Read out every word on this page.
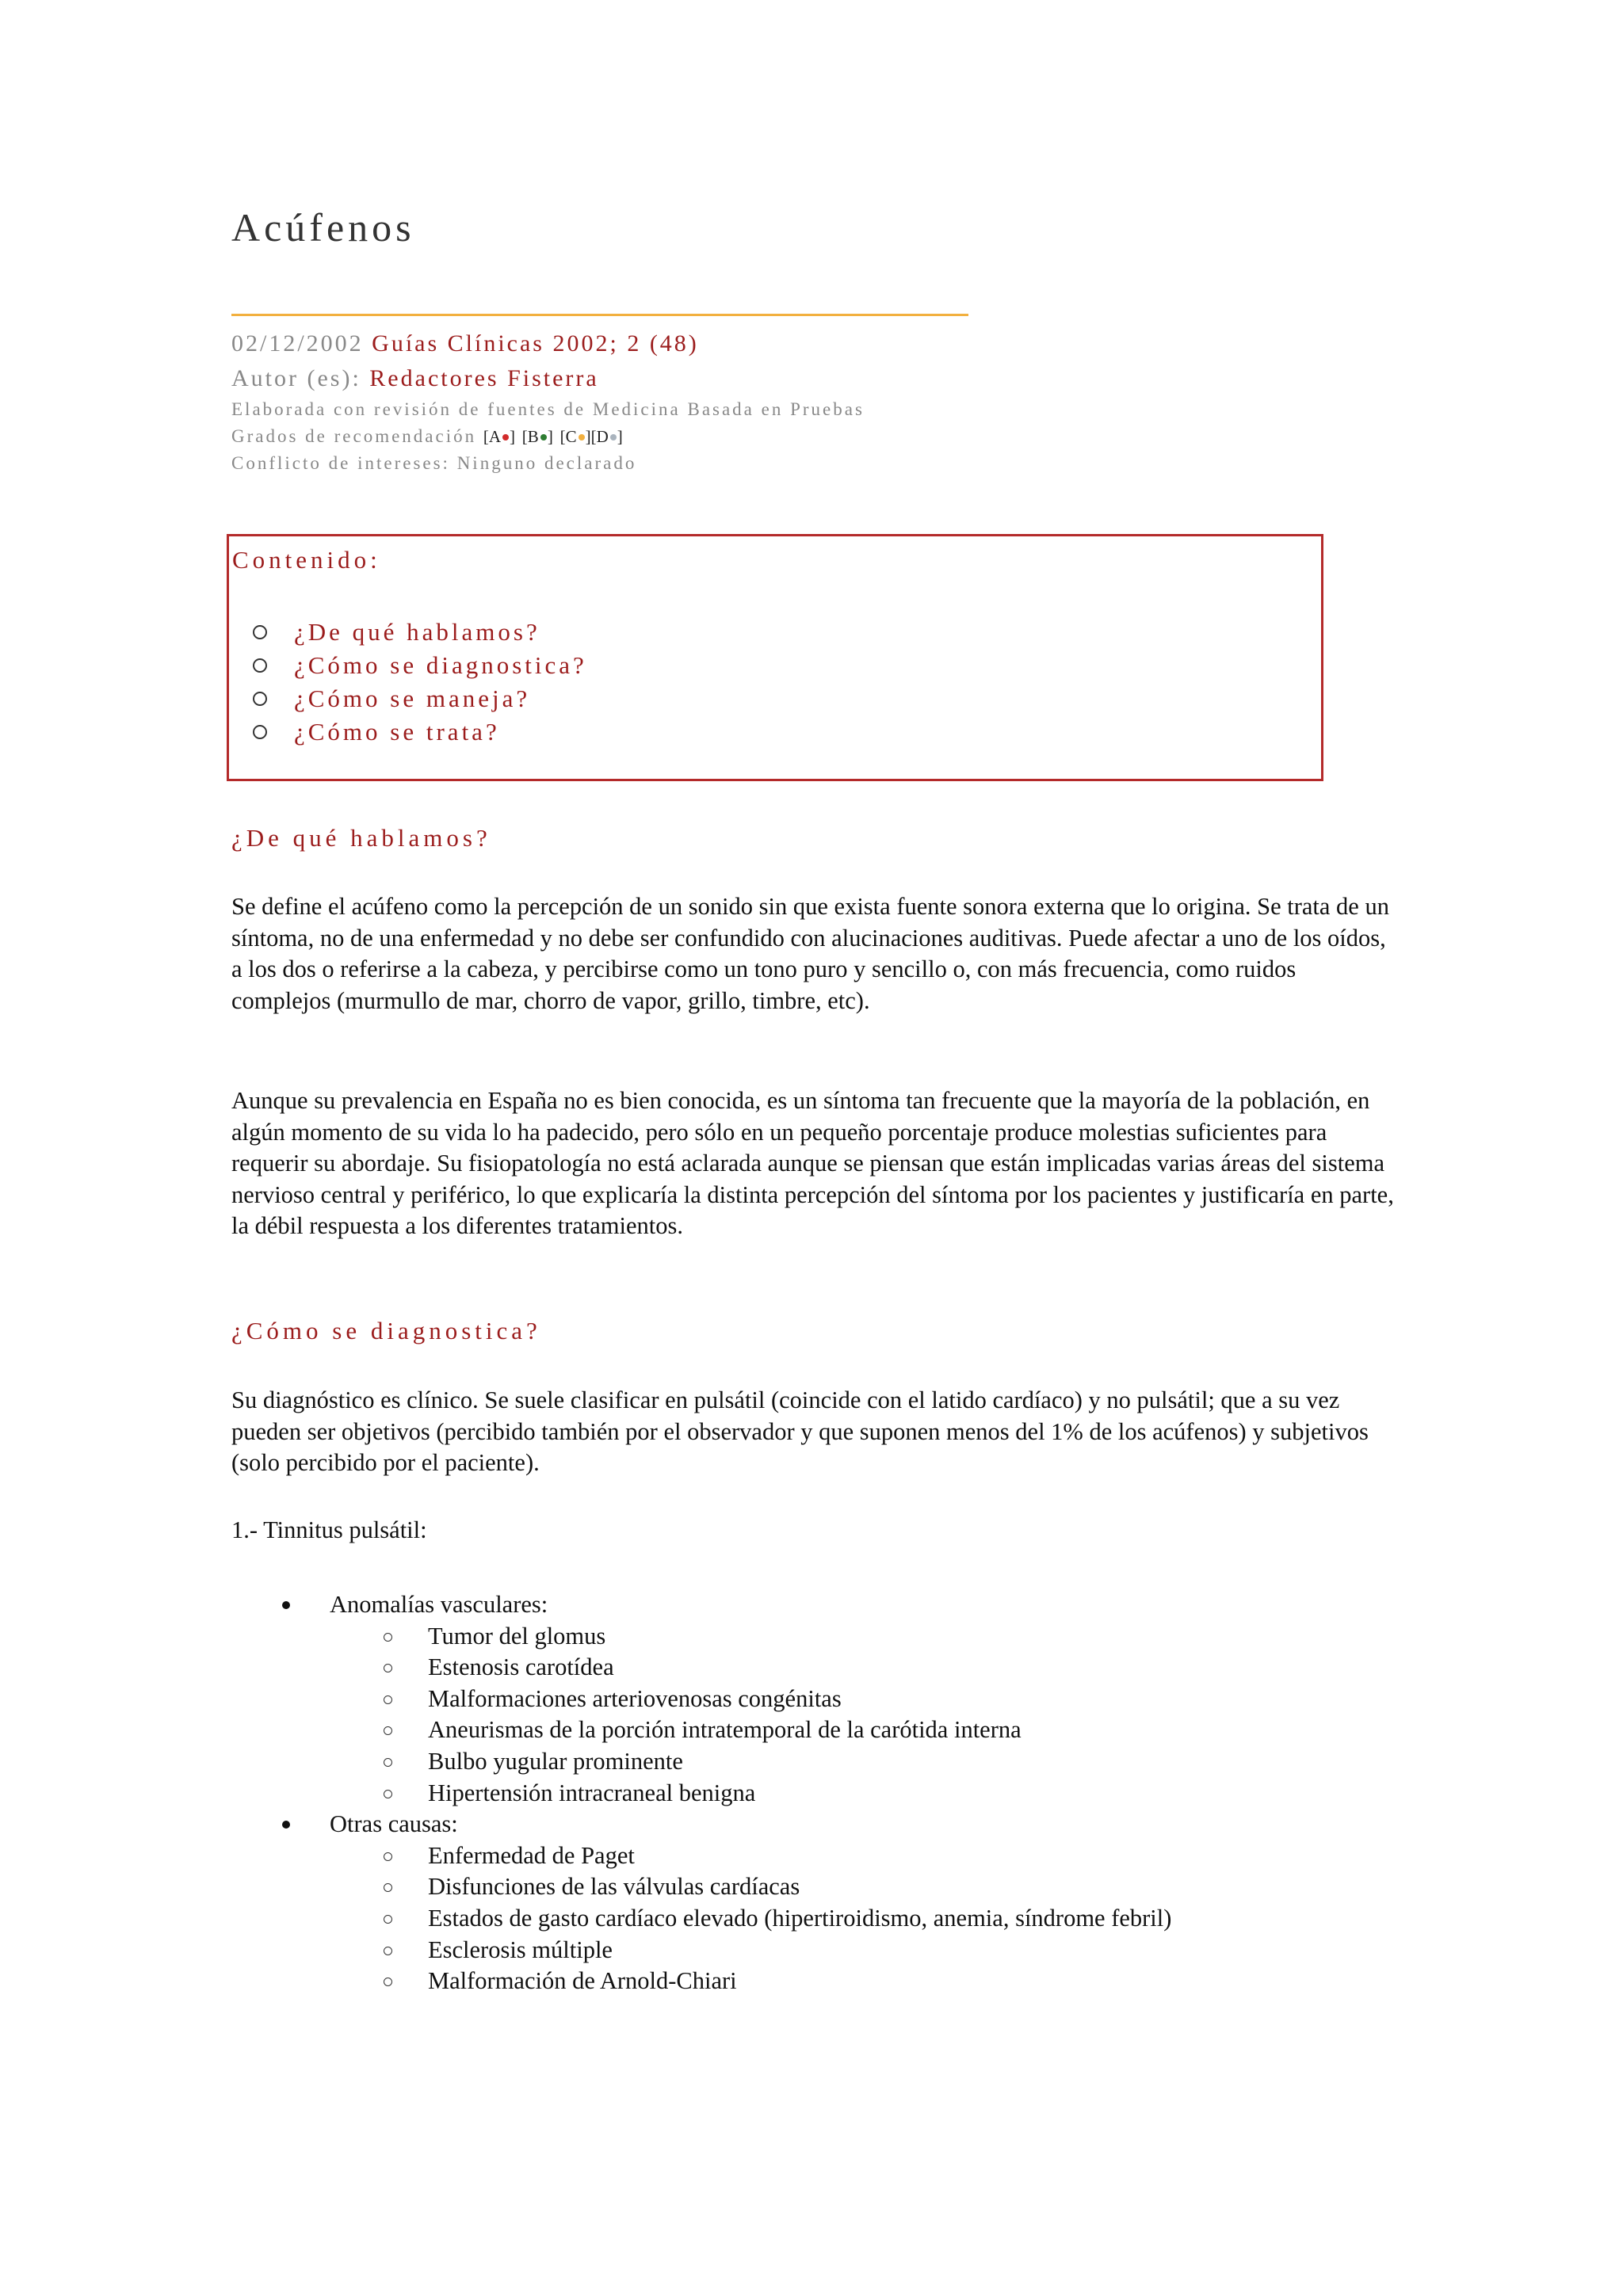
Acúfenos
02/12/2002 Guías Clínicas 2002; 2 (48)
Autor (es): Redactores Fisterra
Elaborada con revisión de fuentes de Medicina Basada en Pruebas
Grados de recomendación [A ] [B ] [C ][D ]
Conflicto de intereses: Ninguno declarado
Contenido:
¿De qué hablamos?
¿Cómo se diagnostica?
¿Cómo se maneja?
¿Cómo se trata?
¿De qué hablamos?

Se define el acúfeno como la percepción de un sonido sin que exista fuente sonora externa que lo origina. Se trata de un síntoma, no de una enfermedad y no debe ser confundido con alucinaciones auditivas. Puede afectar a uno de los oídos, a los dos o referirse a la cabeza, y percibirse como un tono puro y sencillo o, con más frecuencia, como ruidos complejos (murmullo de mar, chorro de vapor, grillo, timbre, etc).

Aunque su prevalencia en España no es bien conocida, es un síntoma tan frecuente que la mayoría de la población, en algún momento de su vida lo ha padecido, pero sólo en un pequeño porcentaje produce molestias suficientes para requerir su abordaje. Su fisiopatología no está aclarada aunque se piensan que están implicadas varias áreas del sistema nervioso central y periférico, lo que explicaría la distinta percepción del síntoma por los pacientes y justificaría en parte, la débil respuesta a los diferentes tratamientos.

¿Cómo se diagnostica?

Su diagnóstico es clínico. Se suele clasificar en pulsátil (coincide con el latido cardíaco) y no pulsátil; que a su vez pueden ser objetivos (percibido también por el observador y que suponen menos del 1% de los acúfenos) y subjetivos (solo percibido por el paciente).

1.- Tinnitus pulsátil:

Anomalías vasculares:
Tumor del glomus
Estenosis carotídea
Malformaciones arteriovenosas congénitas
Aneurismas de la porción intratemporal de la carótida interna
Bulbo yugular prominente
Hipertensión intracraneal benigna
Otras causas:
Enfermedad de Paget
Disfunciones de las válvulas cardíacas
Estados de gasto cardíaco elevado (hipertiroidismo, anemia, síndrome febril)
Esclerosis múltiple
Malformación de Arnold-Chiari
